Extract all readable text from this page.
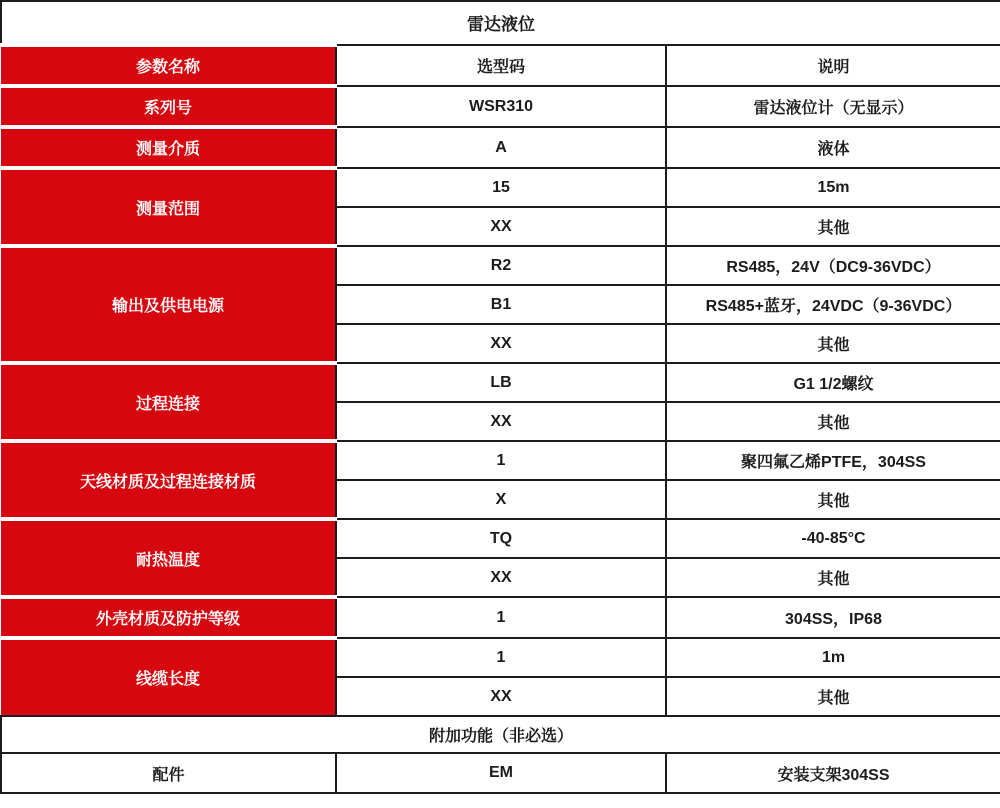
雷达液位		
参数名称	选型码	说明
系列号	WSR310	雷达液位计（无显示）
测量介质	A	液体
测量范围	15	15m
	XX	其他
输出及供电电源	R2	RS485，24V（DC9-36VDC）
	B1	RS485+蓝牙，24VDC（9-36VDC）
	XX	其他
过程连接	LB	G1 1/2螺纹
	XX	其他
天线材质及过程连接材质	1	聚四氟乙烯PTFE，304SS
	X	其他
耐热温度	TQ	-40-85°C
	XX	其他
外壳材质及防护等级	1	304SS，IP68
线缆长度	1	1m
	XX	其他
附加功能（非必选）		
配件	EM	安装支架304SS
